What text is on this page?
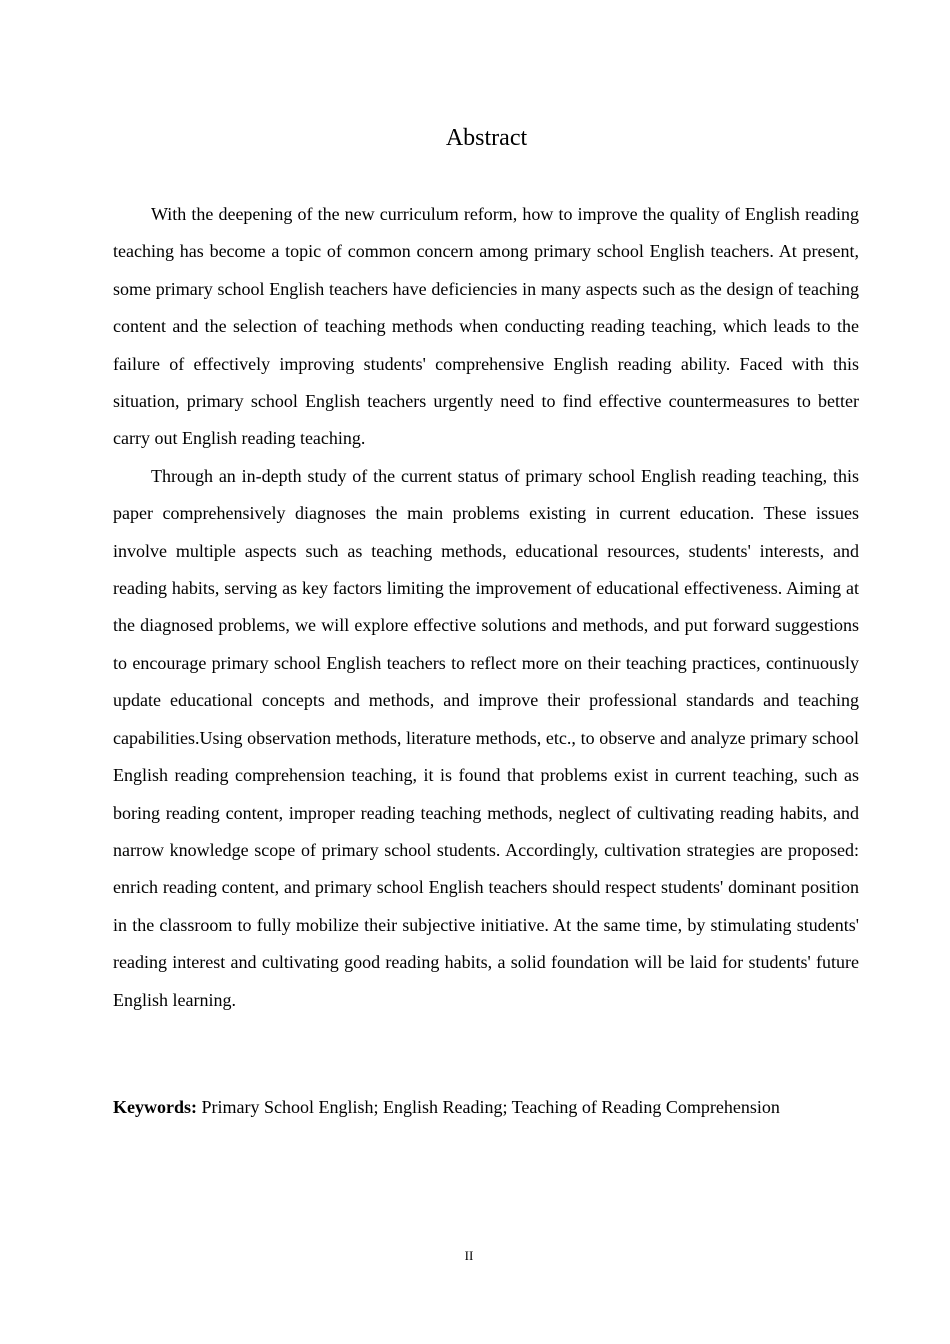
Abstract

With the deepening of the new curriculum reform, how to improve the quality of English reading teaching has become a topic of common concern among primary school English teachers. At present, some primary school English teachers have deficiencies in many aspects such as the design of teaching content and the selection of teaching methods when conducting reading teaching, which leads to the failure of effectively improving students' comprehensive English reading ability. Faced with this situation, primary school English teachers urgently need to find effective countermeasures to better carry out English reading teaching.

Through an in-depth study of the current status of primary school English reading teaching, this paper comprehensively diagnoses the main problems existing in current education. These issues involve multiple aspects such as teaching methods, educational resources, students' interests, and reading habits, serving as key factors limiting the improvement of educational effectiveness. Aiming at the diagnosed problems, we will explore effective solutions and methods, and put forward suggestions to encourage primary school English teachers to reflect more on their teaching practices, continuously update educational concepts and methods, and improve their professional standards and teaching capabilities.Using observation methods, literature methods, etc., to observe and analyze primary school English reading comprehension teaching, it is found that problems exist in current teaching, such as boring reading content, improper reading teaching methods, neglect of cultivating reading habits, and narrow knowledge scope of primary school students. Accordingly, cultivation strategies are proposed: enrich reading content, and primary school English teachers should respect students' dominant position in the classroom to fully mobilize their subjective initiative. At the same time, by stimulating students' reading interest and cultivating good reading habits, a solid foundation will be laid for students' future English learning.

Keywords: Primary School English; English Reading; Teaching of Reading Comprehension

II
